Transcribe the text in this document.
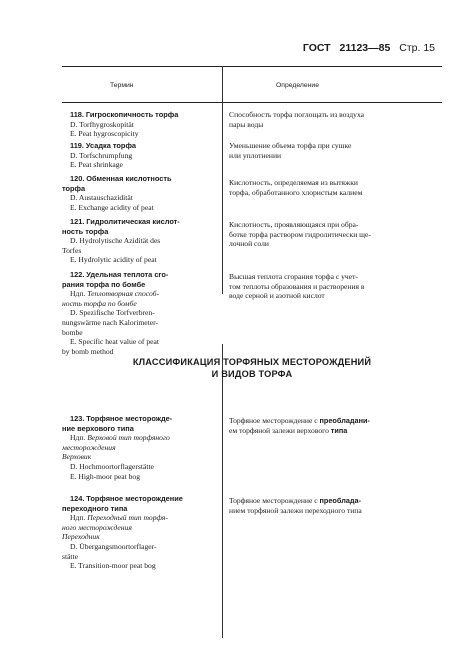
ГОСТ 21123—85 Стр. 15
Термин	Определение
118. Гигроскопичность торфа
D. Torfhygroskopität
E. Peat hygroscopicity
Способность торфа поглощать из воздуха
пары воды
119. Усадка торфа
D. Torfschrumpfung
E. Peat shrinkage
Уменьшение объема торфа при сушке
или уплотнении
120. Обменная кислотность
торфа
D. Austauschazidität
E. Exchange acidity of peat
Кислотность, определяемая из вытяжки
торфа, обработанного хлористым калием
121. Гидролитическая кислот-
ность торфа
D. Hydrolytische Azidität des
Torfes
E. Hydrolytic acidity of peat
Кислотность, проявляющаяся при обра-
ботке торфа раствором гидролитически ще-
лочной соли
122. Удельная теплота сго-
рания торфа по бомбе
Ндп. Теплотворная способ-
ность торфа по бомбе
D. Spezifische Torfverbren-
nungswärme nach Kalorimeter-
bombe
E. Specific heat value of peat
by bomb method
Высшая теплота сгорания торфа с учет-
том теплоты образования и растворения в
воде серной и азотной кислот
КЛАССИФИКАЦИЯ ТОРФЯНЫХ МЕСТОРОЖДЕНИЙ
И ВИДОВ ТОРФА
123. Торфяное месторожде-
ние верхового типа
Ндп. Верховой тип торфяного
месторождения
Верховик
D. Hochmoortorflagerstätte
E. High-moor peat bog
Торфяное месторождение с преобладани-
ем торфяной залежи верхового типа
124. Торфяное месторождение
переходного типа
Ндп. Переходный тип торфя-
ного месторождения
Переходник
D. Übergangsmoortorflager-
stätte
E. Transition-moor peat bog
Торфяное месторождение с преоблада-
нием торфяной залежи переходного типа
